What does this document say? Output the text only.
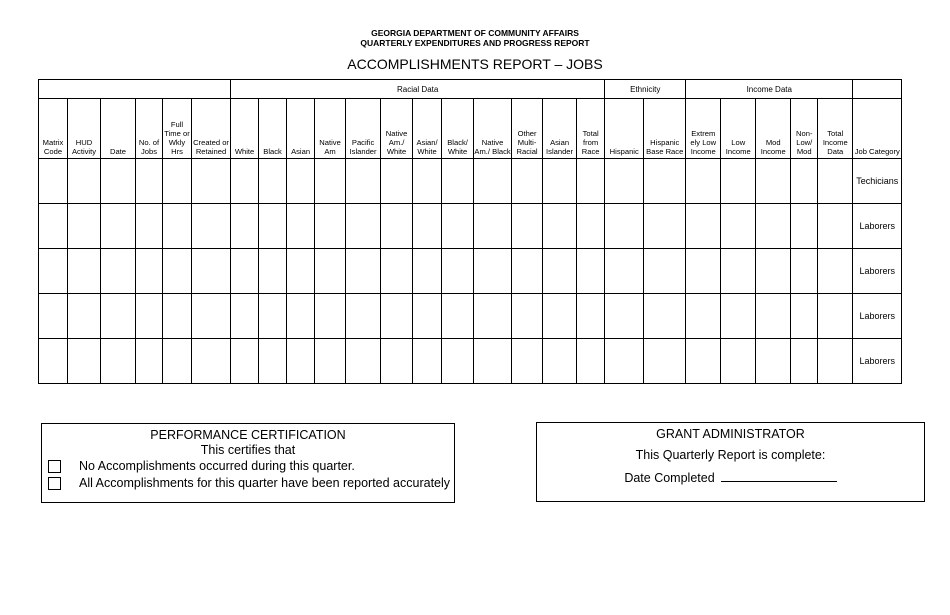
GEORGIA DEPARTMENT OF COMMUNITY AFFAIRS
QUARTERLY EXPENDITURES AND PROGRESS REPORT
ACCOMPLISHMENTS REPORT – JOBS
						Racial Data												Ethnicity		Income Data					
Matrix Code	HUD Activity	Date	No. of Jobs	Full Time or Wkly Hrs	Created or Retained	White	Black	Asian	Native Am	Pacific Islander	Native Am./ White	Asian/ White	Black/ White	Native Am./ Black	Other Multi- Racial	Asian Islander	Total from Race	Hispanic	Hispanic Base Race	Extrem ely Low Income	Low Income	Mod Income	Non- Low/ Mod	Total Income Data	Job Category
																									Techicians
																									Laborers
																									Laborers
																									Laborers
																									Laborers
PERFORMANCE CERTIFICATION
This certifies that
No Accomplishments occurred during this quarter.
All Accomplishments for this quarter have been reported accurately
GRANT ADMINISTRATOR
This Quarterly Report is complete:
Date Completed
